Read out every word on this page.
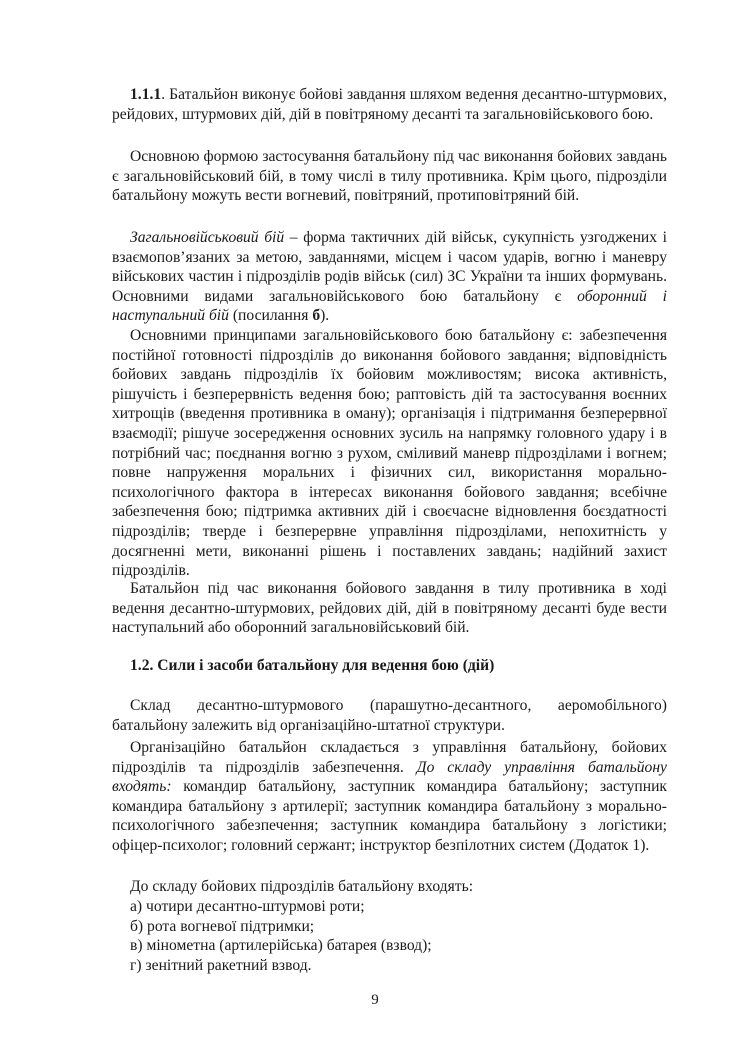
1.1.1. Батальйон виконує бойові завдання шляхом ведення десантно-штурмових, рейдових, штурмових дій, дій в повітряному десанті та загальновійськового бою.

Основною формою застосування батальйону під час виконання бойових завдань є загальновійськовий бій, в тому числі в тилу противника. Крім цього, підрозділи батальйону можуть вести вогневий, повітряний, протиповітряний бій.

Загальновійськовий бій – форма тактичних дій військ, сукупність узгоджених і взаємопов’язаних за метою, завданнями, місцем і часом ударів, вогню і маневру військових частин і підрозділів родів військ (сил) ЗС України та інших формувань. Основними видами загальновійськового бою батальйону є оборонний і наступальний бій (посилання б).

Основними принципами загальновійськового бою батальйону є: забезпечення постійної готовності підрозділів до виконання бойового завдання; відповідність бойових завдань підрозділів їх бойовим можливостям; висока активність, рішучість і безперервність ведення бою; раптовість дій та застосування воєнних хитрощів (введення противника в оману); організація і підтримання безперервної взаємодії; рішуче зосередження основних зусиль на напрямку головного удару і в потрібний час; поєднання вогню з рухом, сміливий маневр підрозділами і вогнем; повне напруження моральних і фізичних сил, використання морально-психологічного фактора в інтересах виконання бойового завдання; всебічне забезпечення бою; підтримка активних дій і своєчасне відновлення боєздатності підрозділів; тверде і безперервне управління підрозділами, непохитність у досягненні мети, виконанні рішень і поставлених завдань; надійний захист підрозділів.

Батальйон під час виконання бойового завдання в тилу противника в ході ведення десантно-штурмових, рейдових дій, дій в повітряному десанті буде вести наступальний або оборонний загальновійськовий бій.

1.2. Сили і засоби батальйону для ведення бою (дій)

Склад десантно-штурмового (парашутно-десантного, аеромобільного) батальйону залежить від організаційно-штатної структури.

Організаційно батальйон складається з управління батальйону, бойових підрозділів та підрозділів забезпечення. До складу управління батальйону входять: командир батальйону, заступник командира батальйону; заступник командира батальйону з артилерії; заступник командира батальйону з морально-психологічного забезпечення; заступник командира батальйону з логістики; офіцер-психолог; головний сержант; інструктор безпілотних систем (Додаток 1).

До складу бойових підрозділів батальйону входять:

а) чотири десантно-штурмові роти;
б) рота вогневої підтримки;
в) мінометна (артилерійська) батарея (взвод);
г) зенітний ракетний взвод.
9
